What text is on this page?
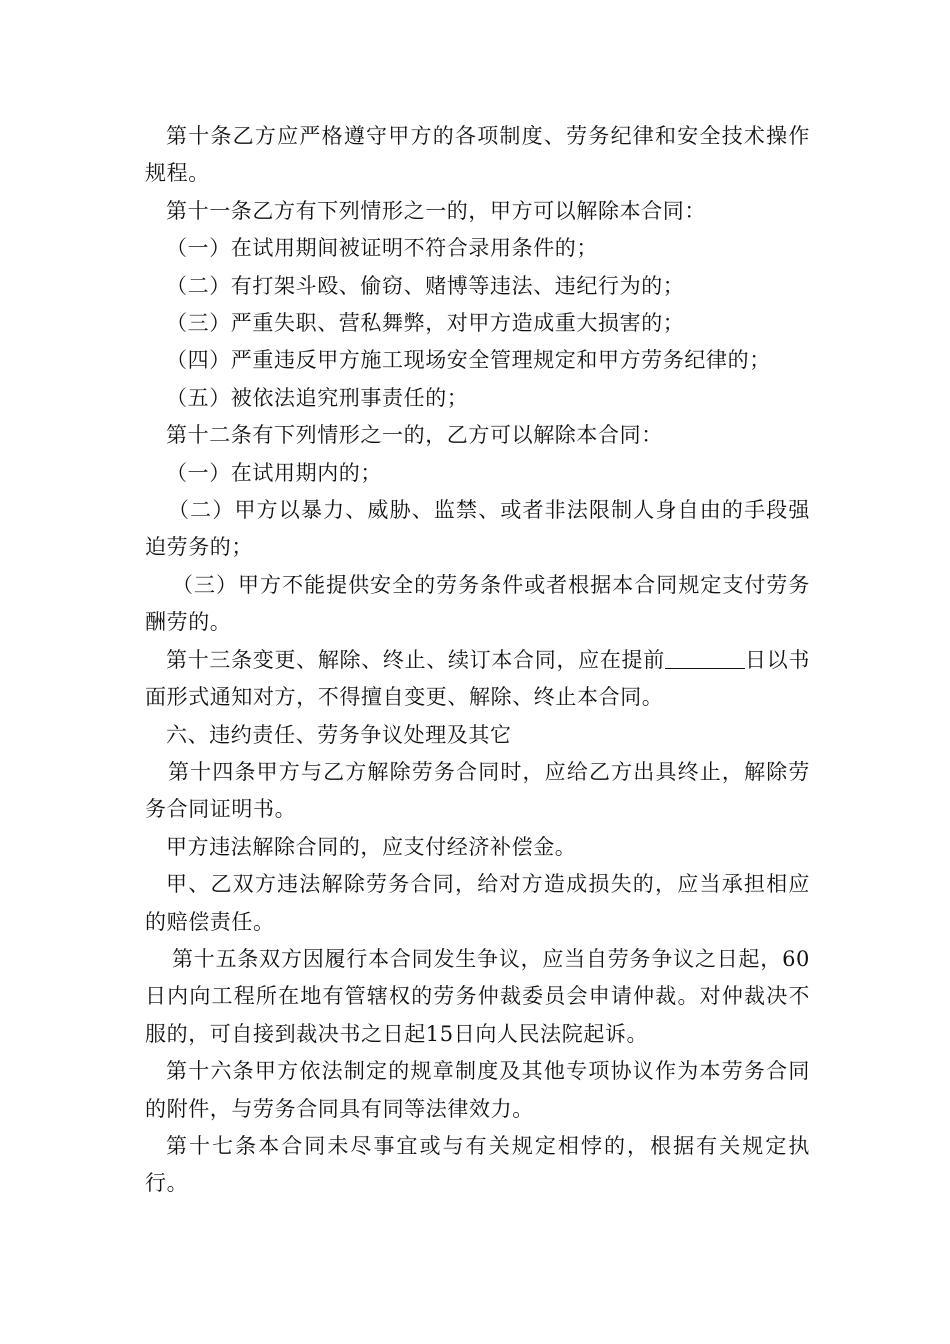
第十条乙方应严格遵守甲方的各项制度、劳务纪律和安全技术操作规程。

第十一条乙方有下列情形之一的，甲方可以解除本合同：

（一）在试用期间被证明不符合录用条件的；

（二）有打架斗殴、偷窃、赌博等违法、违纪行为的；

（三）严重失职、营私舞弊，对甲方造成重大损害的；

（四）严重违反甲方施工现场安全管理规定和甲方劳务纪律的；

（五）被依法追究刑事责任的；

第十二条有下列情形之一的，乙方可以解除本合同：

（一）在试用期内的；

（二）甲方以暴力、威胁、监禁、或者非法限制人身自由的手段强迫劳务的；

（三）甲方不能提供安全的劳务条件或者根据本合同规定支付劳务酬劳的。

第十三条变更、解除、终止、续订本合同，应在提前	日以书面形式通知对方，不得擅自变更、解除、终止本合同。

六、违约责任、劳务争议处理及其它

第十四条甲方与乙方解除劳务合同时，应给乙方出具终止，解除劳务合同证明书。

甲方违法解除合同的，应支付经济补偿金。

甲、乙双方违法解除劳务合同，给对方造成损失的，应当承担相应的赔偿责任。

第十五条双方因履行本合同发生争议，应当自劳务争议之日起，60日内向工程所在地有管辖权的劳务仲裁委员会申请仲裁。对仲裁决不服的，可自接到裁决书之日起15日向人民法院起诉。

第十六条甲方依法制定的规章制度及其他专项协议作为本劳务合同的附件，与劳务合同具有同等法律效力。

第十七条本合同未尽事宜或与有关规定相悖的，根据有关规定执行。
